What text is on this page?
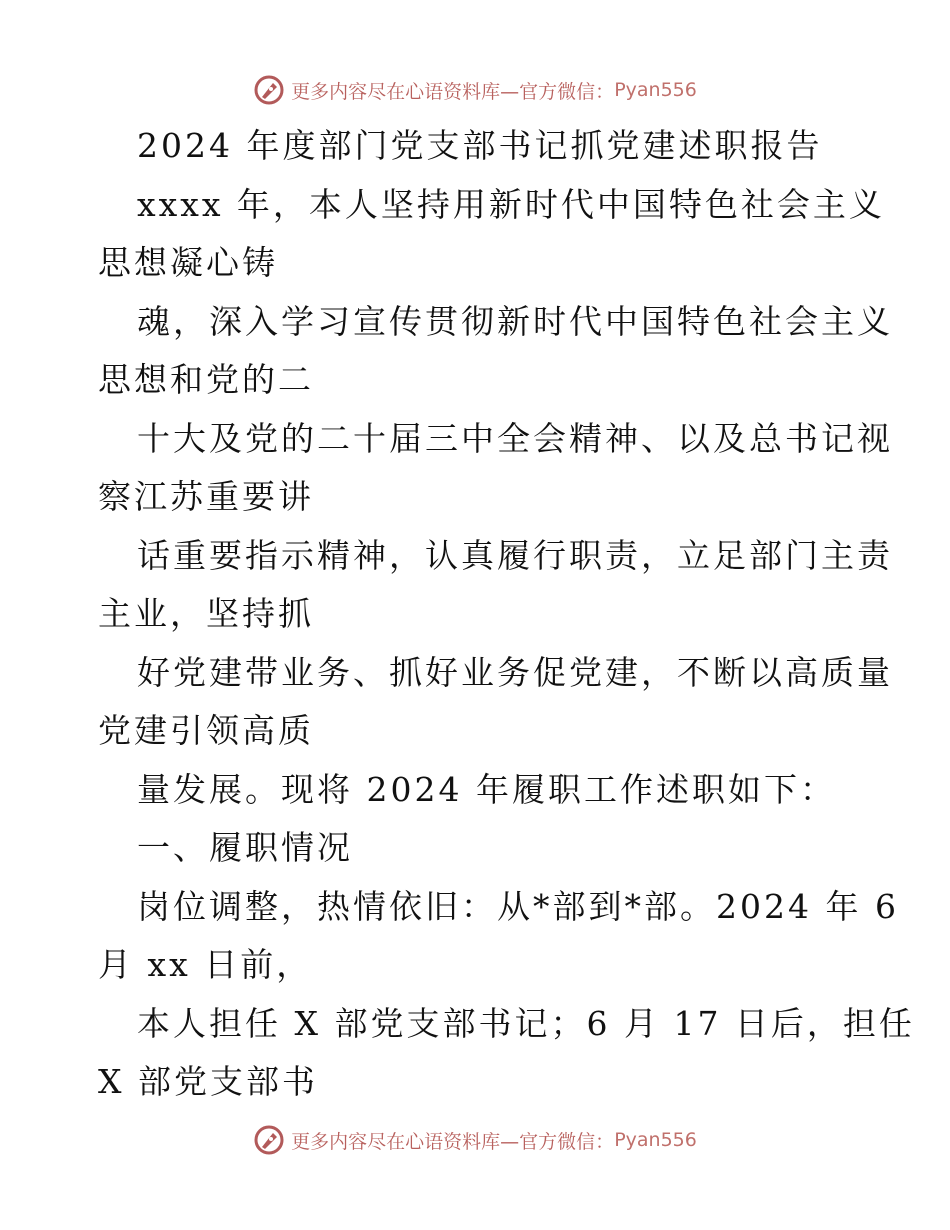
更多内容尽在心语资料库— 官方微信： Pyan556
2024 年度部门党支部书记抓党建述职报告
xxxx 年，本人坚持用新时代中国特色社会主义
思想凝心铸
魂，深入学习宣传贯彻新时代中国特色社会主义
思想和党的二
十大及党的二十届三中全会精神、以及总书记视
察江苏重要讲
话重要指示精神，认真履行职责，立足部门主责
主业，坚持抓
好党建带业务、抓好业务促党建，不断以高质量
党建引领高质
量发展。现将 2024 年履职工作述职如下：
一、履职情况
岗位调整，热情依旧：从*部到*部。2024 年 6
月 xx 日前，
本人担任 X 部党支部书记；6 月 17 日后，担任
X 部党支部书
更多内容尽在心语资料库— 官方微信： Pyan556
